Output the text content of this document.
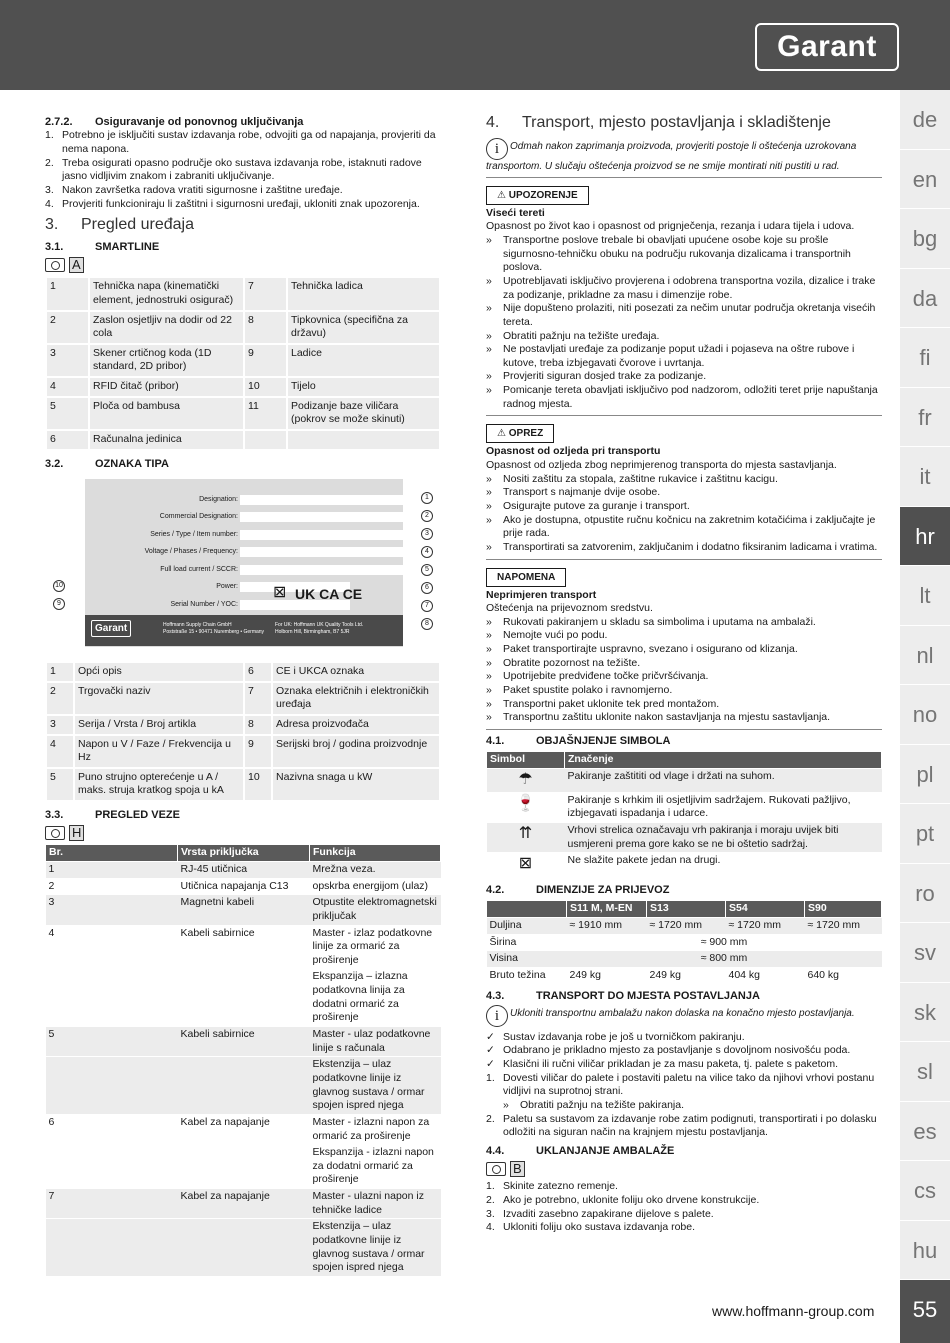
Garant
de
en
bg
da
fi
fr
it
hr
lt
nl
no
pl
pt
ro
sv
sk
sl
es
cs
hu
55
www.hoffmann-group.com
2.7.2. Osiguravanje od ponovnog uključivanja
1. Potrebno je isključiti sustav izdavanja robe, odvojiti ga od napajanja, provjeriti da nema napona.
2. Treba osigurati opasno područje oko sustava izdavanja robe, istaknuti radove jasno vidljivim znakom i zabraniti uključivanje.
3. Nakon završetka radova vratiti sigurnosne i zaštitne uređaje.
4. Provjeriti funkcioniraju li zaštitni i sigurnosni uređaji, ukloniti znak upozorenja.
3. Pregled uređaja
3.1.	SMARTLINE
A
1	Tehnička napa (kinematički element, jednostruki osigurač)	7	Tehnička ladica
2	Zaslon osjetljiv na dodir od 22 cola	8	Tipkovnica (specifična za državu)
3	Skener crtičnog koda (1D standard, 2D pribor)	9	Ladice
4	RFID čitač (pribor)	10	Tijelo
5	Ploča od bambusa	11	Podizanje baze viličara (pokrov se može skinuti)
6	Računalna jedinica		
3.2.	OZNAKA TIPA
Designation:
Commercial Designation:
Series / Type / Item number:
Voltage / Phases / Frequency:
Full load current / SCCR:
Power:
Serial Number / YOC:
UK CA CE
⊠
Garant	Hoffmann Supply Chain GmbH
Poststraße 15 • 90471 Nuremberg • Germany
For UK: Hoffmann UK Quality Tools Ltd.
Holborn Hill, Birmingham, B7 5JR
1
2
3
4
5
6
7
8
10
9
1	Opći opis	6	CE i UKCA oznaka
2	Trgovački naziv	7	Oznaka električnih i elektroničkih uređaja
3	Serija / Vrsta / Broj artikla	8	Adresa proizvođača
4	Napon u V / Faze / Frekvencija u Hz	9	Serijski broj / godina proizvodnje
5	Puno strujno opterećenje u A / maks. struja kratkog spoja u kA	10	Nazivna snaga u kW
3.3.	PREGLED VEZE
H
Br.	Vrsta priključka	Funkcija
1	RJ-45 utičnica	Mrežna veza.
2	Utičnica napajanja C13	opskrba energijom (ulaz)
3	Magnetni kabeli	Otpustite elektromagnetski priključak
4	Kabeli sabirnice	Master - izlaz podatkovne linije za ormarić za proširenje
		Ekspanzija – izlazna podatkovna linija za dodatni ormarić za proširenje
5	Kabeli sabirnice	Master - ulaz podatkovne linije s računala
		Ekstenzija – ulaz podatkovne linije iz glavnog sustava / ormar spojen ispred njega
6	Kabel za napajanje	Master - izlazni napon za ormarić za proširenje
		Ekspanzija - izlazni napon za dodatni ormarić za proširenje
7	Kabel za napajanje	Master - ulazni napon iz tehničke ladice
		Ekstenzija – ulaz podatkovne linije iz glavnog sustava / ormar spojen ispred njega
4. Transport, mjesto postavljanja i skladištenje
i Odmah nakon zaprimanja proizvoda, provjeriti postoje li oštećenja uzrokovana transportom. U slučaju oštećenja proizvod se ne smije montirati niti pustiti u rad.
⚠ UPOZORENJE
Viseći tereti
Opasnost po život kao i opasnost od prignječenja, rezanja i udara tijela i udova.
» Transportne poslove trebale bi obavljati upućene osobe koje su prošle sigurnosno-tehničku obuku na području rukovanja dizalicama i transportnih poslova.
» Upotrebljavati isključivo provjerena i odobrena transportna vozila, dizalice i trake za podizanje, prikladne za masu i dimenzije robe.
» Nije dopušteno prolaziti, niti posezati za nečim unutar područja okretanja visećih tereta.
» Obratiti pažnju na težište uređaja.
» Ne postavljati uređaje za podizanje poput užadi i pojaseva na oštre rubove i kutove, treba izbjegavati čvorove i uvrtanja.
» Provjeriti siguran dosjed trake za podizanje.
» Pomicanje tereta obavljati isključivo pod nadzorom, odložiti teret prije napuštanja radnog mjesta.
⚠ OPREZ
Opasnost od ozljeda pri transportu
Opasnost od ozljeda zbog neprimjerenog transporta do mjesta sastavljanja.
» Nositi zaštitu za stopala, zaštitne rukavice i zaštitnu kacigu.
» Transport s najmanje dvije osobe.
» Osigurajte putove za guranje i transport.
» Ako je dostupna, otpustite ručnu kočnicu na zakretnim kotačićima i zaključajte je prije rada.
» Transportirati sa zatvorenim, zaključanim i dodatno fiksiranim ladicama i vratima.
NAPOMENA
Neprimjeren transport
Oštećenja na prijevoznom sredstvu.
» Rukovati pakiranjem u skladu sa simbolima i uputama na ambalaži.
» Nemojte vući po podu.
» Paket transportirajte uspravno, svezano i osigurano od klizanja.
» Obratite pozornost na težište.
» Upotrijebite predviđene točke pričvršćivanja.
» Paket spustite polako i ravnomjerno.
» Transportni paket uklonite tek pred montažom.
» Transportnu zaštitu uklonite nakon sastavljanja na mjestu sastavljanja.
4.1.	OBJAŠNJENJE SIMBOLA
Simbol	Značenje
☂	Pakiranje zaštititi od vlage i držati na suhom.
🍷	Pakiranje s krhkim ili osjetljivim sadržajem. Rukovati pažljivo, izbjegavati ispadanja i udarce.
⇈	Vrhovi strelica označavaju vrh pakiranja i moraju uvijek biti usmjereni prema gore kako se ne bi oštetio sadržaj.
⊠	Ne slažite pakete jedan na drugi.
4.2.	DIMENZIJE ZA PRIJEVOZ
	S11 M, M-EN	S13	S54	S90
Duljina	≈ 1910 mm	≈ 1720 mm	≈ 1720 mm	≈ 1720 mm
Širina	≈ 900 mm			
Visina	≈ 800 mm			
Bruto težina	249 kg	249 kg	404 kg	640 kg
4.3.	TRANSPORT DO MJESTA POSTAVLJANJA
i Ukloniti transportnu ambalažu nakon dolaska na konačno mjesto postavljanja.
✓ Sustav izdavanja robe je još u tvorničkom pakiranju.
✓ Odabrano je prikladno mjesto za postavljanje s dovoljnom nosivošću poda.
✓ Klasični ili ručni viličar prikladan je za masu paketa, tj. palete s paketom.
1. Dovesti viličar do palete i postaviti paletu na vilice tako da njihovi vrhovi postanu vidljivi na suprotnoj strani.
» Obratiti pažnju na težište pakiranja.
2. Paletu sa sustavom za izdavanje robe zatim podignuti, transportirati i po dolasku odložiti na siguran način na krajnjem mjestu postavljanja.
4.4.	UKLANJANJE AMBALAŽE
B
1. Skinite zatezno remenje.
2. Ako je potrebno, uklonite foliju oko drvene konstrukcije.
3. Izvaditi zasebno zapakirane dijelove s palete.
4. Ukloniti foliju oko sustava izdavanja robe.
